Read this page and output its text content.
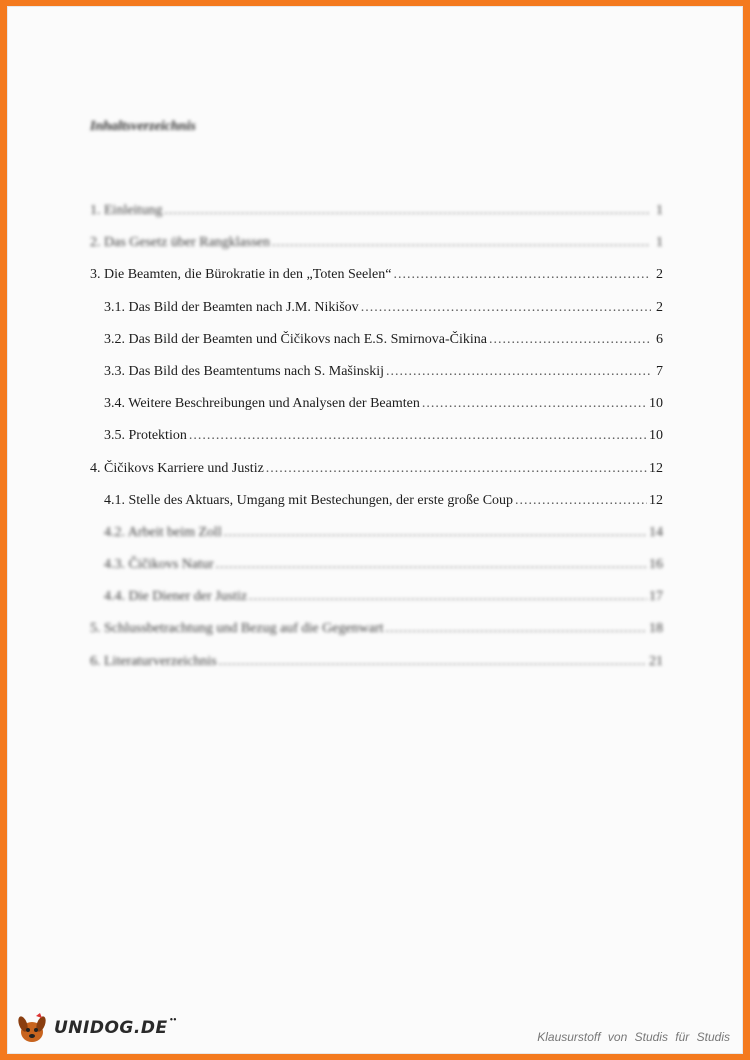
Inhaltsverzeichnis
1. Einleitung .....	1
2. Das Gesetz über Rangklassen .....	1
3. Die Beamten, die Bürokratie in den „Toten Seelen“ .....	2
3.1. Das Bild der Beamten nach J.M. Nikišov .....	2
3.2. Das Bild der Beamten und Čičikovs nach E.S. Smirnova-Čikina .....	6
3.3. Das Bild des Beamtentums nach S. Mašinskij .....	7
3.4. Weitere Beschreibungen und Analysen der Beamten .....	10
3.5. Protektion .....	10
4. Čičikovs Karriere und Justiz .....	12
4.1. Stelle des Aktuars, Umgang mit Bestechungen, der erste große Coup .....	12
4.2. Arbeit beim Zoll .....	14
4.3. Čičikovs Natur .....	16
4.4. Die Diener der Justiz .....	17
5. Schlussbetrachtung und Bezug auf die Gegenwart .....	18
6. Literaturverzeichnis .....	21
UNIDOG.DE ••
Klausurstoff von Studis für Studis
